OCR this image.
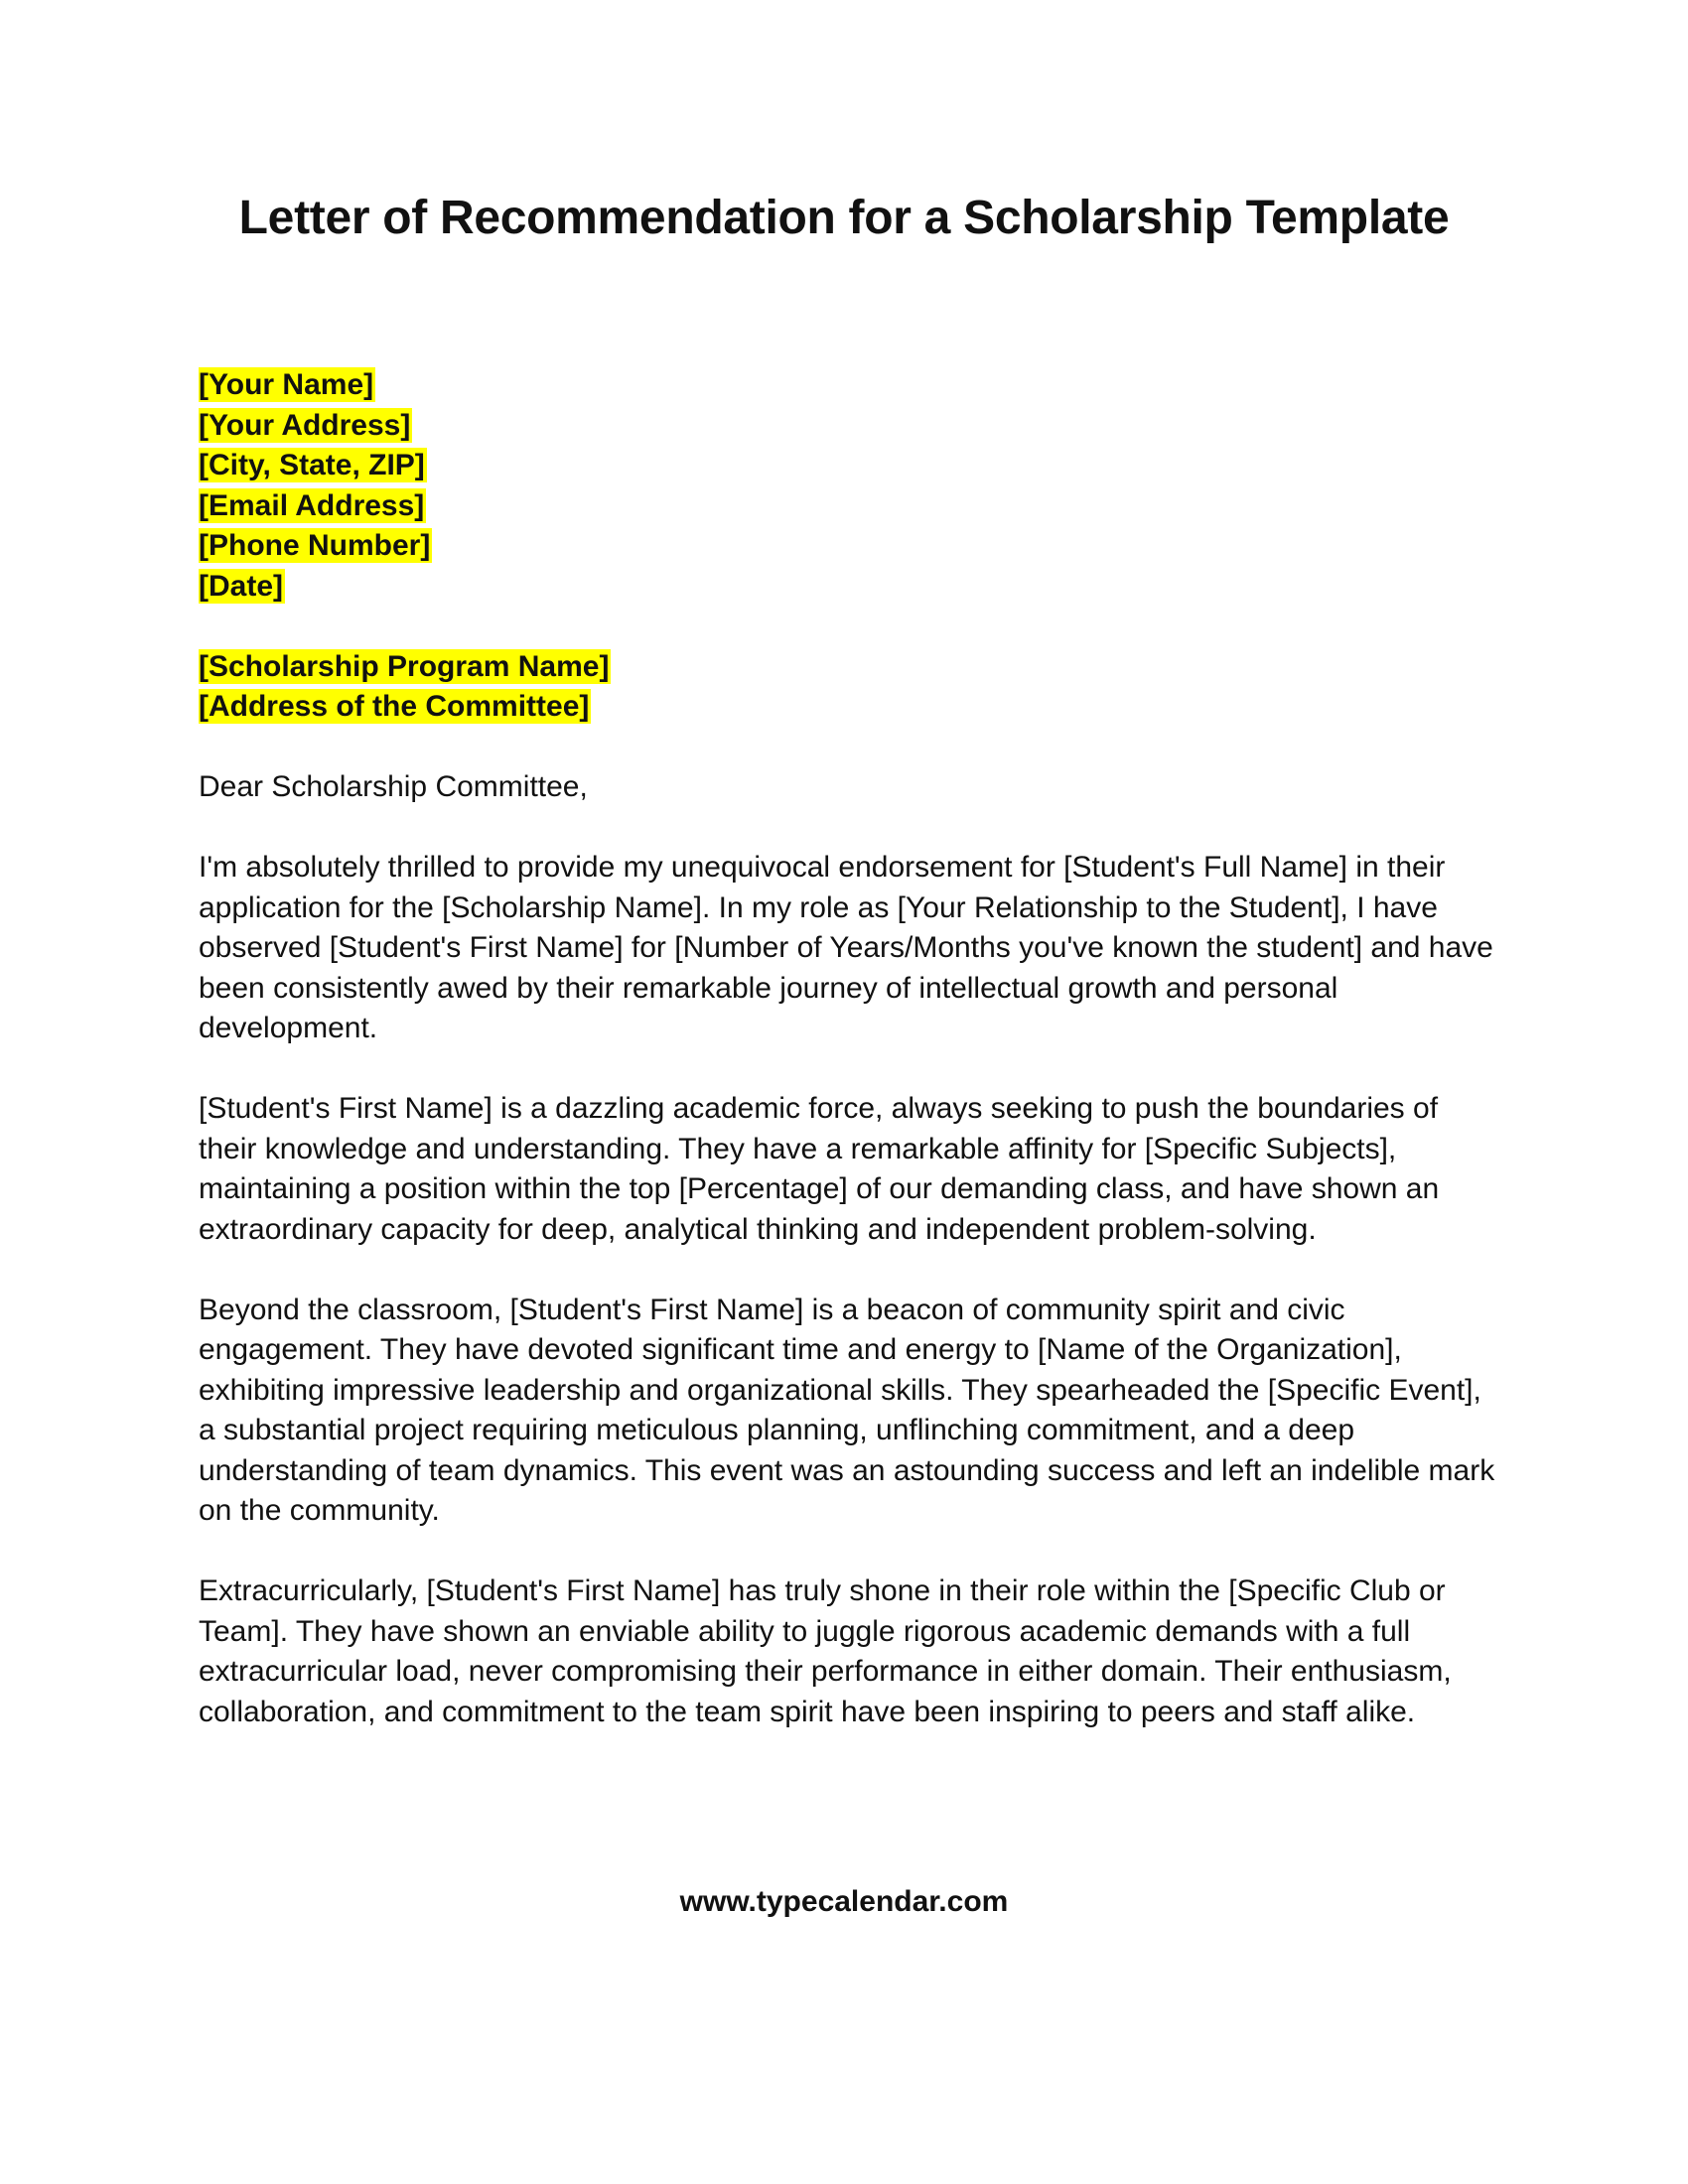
Letter of Recommendation for a Scholarship Template
[Your Name]
[Your Address]
[City, State, ZIP]
[Email Address]
[Phone Number]
[Date]
[Scholarship Program Name]
[Address of the Committee]

Dear Scholarship Committee,

I'm absolutely thrilled to provide my unequivocal endorsement for [Student's Full Name] in their application for the [Scholarship Name]. In my role as [Your Relationship to the Student], I have observed [Student's First Name] for [Number of Years/Months you've known the student] and have been consistently awed by their remarkable journey of intellectual growth and personal development.

[Student's First Name] is a dazzling academic force, always seeking to push the boundaries of their knowledge and understanding. They have a remarkable affinity for [Specific Subjects], maintaining a position within the top [Percentage] of our demanding class, and have shown an extraordinary capacity for deep, analytical thinking and independent problem-solving.

Beyond the classroom, [Student's First Name] is a beacon of community spirit and civic engagement. They have devoted significant time and energy to [Name of the Organization], exhibiting impressive leadership and organizational skills. They spearheaded the [Specific Event], a substantial project requiring meticulous planning, unflinching commitment, and a deep understanding of team dynamics. This event was an astounding success and left an indelible mark on the community.

Extracurricularly, [Student's First Name] has truly shone in their role within the [Specific Club or Team]. They have shown an enviable ability to juggle rigorous academic demands with a full extracurricular load, never compromising their performance in either domain. Their enthusiasm, collaboration, and commitment to the team spirit have been inspiring to peers and staff alike.

www.typecalendar.com
